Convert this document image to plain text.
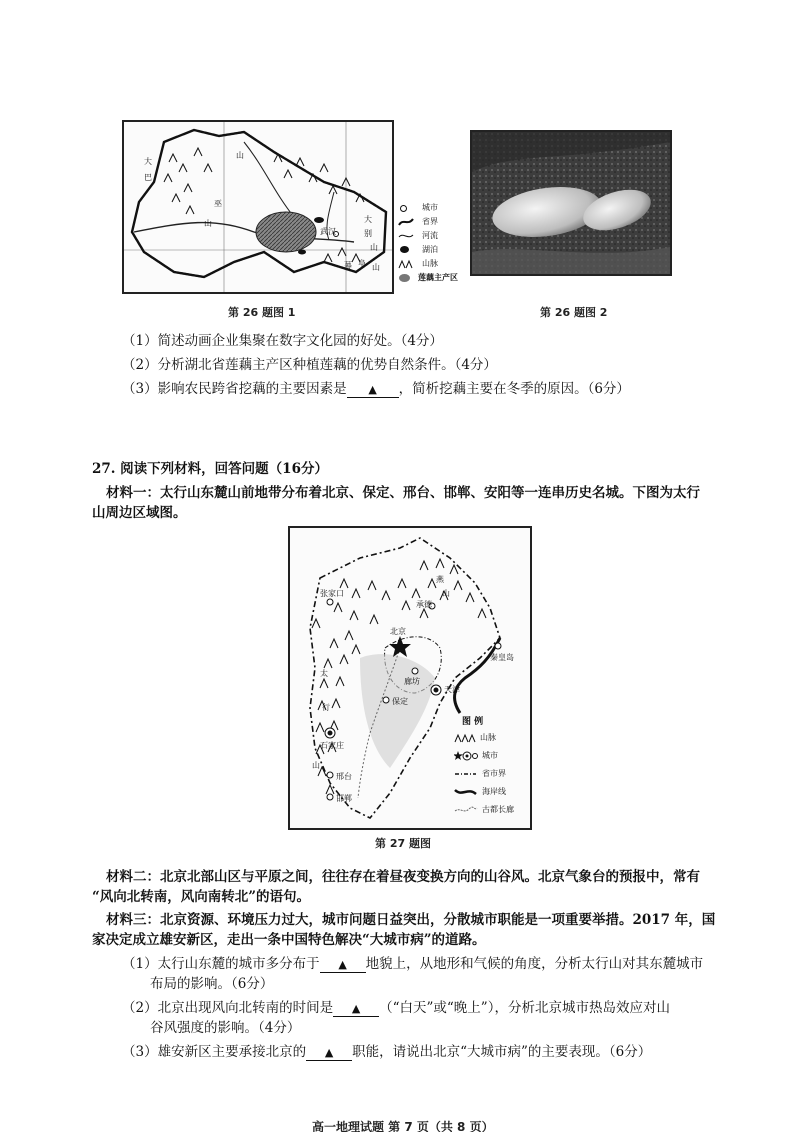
大
巴
山
巫
山	大
别
山
幕 阜 山
武汉
城市
省界
河流
湖泊
山脉
莲藕主产区
第 26 题图 1	第 26 题图 2
（1）简述动画企业集聚在数字文化园的好处。（4分）
（2）分析湖北省莲藕主产区种植莲藕的优势自然条件。（4分）
（3）影响农民跨省挖藕的主要因素是 ▲ ，简析挖藕主要在冬季的原因。（6分）
27. 阅读下列材料，回答问题（16分）
材料一：太行山东麓山前地带分布着北京、保定、邢台、邯郸、安阳等一连串历史名城。下图为太行
山周边区域图。
燕
山
太
行
山
张家口
承德
北京
廊坊
天津
秦皇岛
保定
石家庄
邢台
邯郸
图 例
山脉
城市
省市界
海岸线
古都长廊
第 27 题图
材料二：北京北部山区与平原之间，往往存在着昼夜变换方向的山谷风。北京气象台的预报中，常有
“风向北转南，风向南转北”的语句。
材料三：北京资源、环境压力过大，城市问题日益突出，分散城市职能是一项重要举措。2017 年，国
家决定成立雄安新区，走出一条中国特色解决“大城市病”的道路。
（1）太行山东麓的城市多分布于 ▲ 地貌上，从地形和气候的角度，分析太行山对其东麓城市
布局的影响。（6分）
（2）北京出现风向北转南的时间是 ▲ （“白天”或“晚上”），分析北京城市热岛效应对山
谷风强度的影响。（4分）
（3）雄安新区主要承接北京的 ▲ 职能，请说出北京“大城市病”的主要表现。（6分）
高一地理试题 第 7 页（共 8 页）
